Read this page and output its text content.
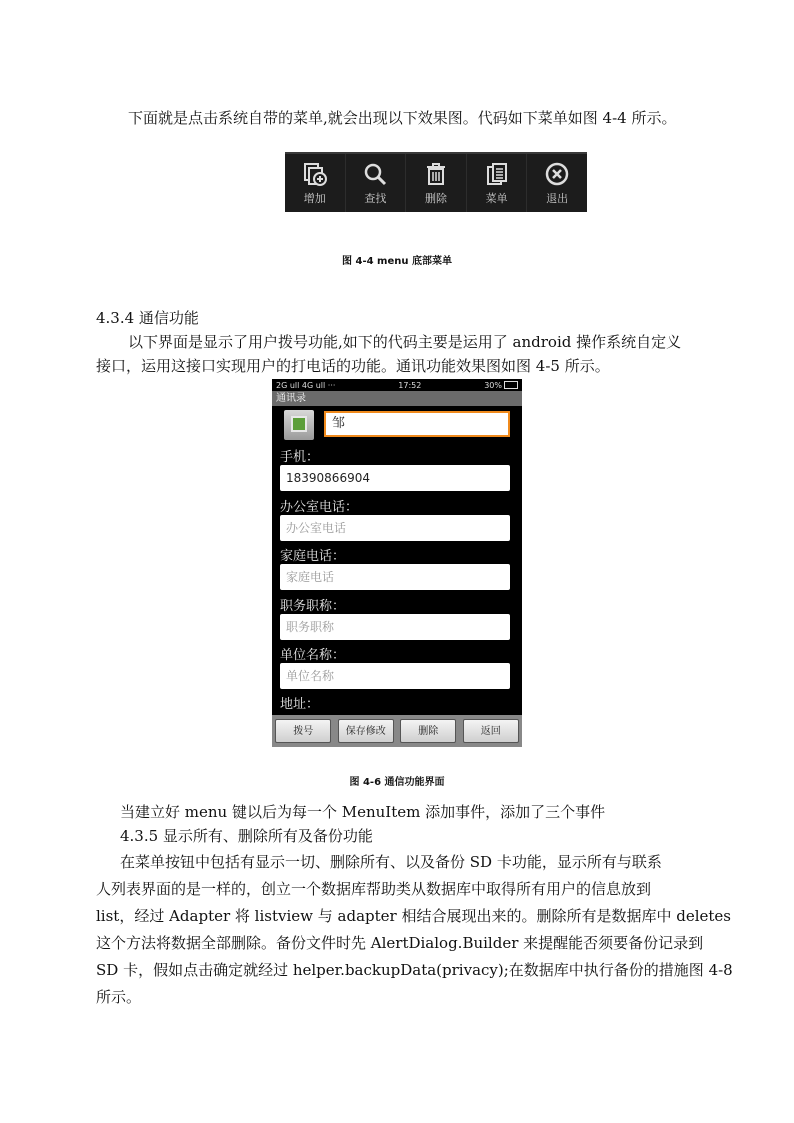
下面就是点击系统自带的菜单,就会出现以下效果图。代码如下菜单如图 4-4 所示。
增加	查找	删除	菜单	退出
图 4-4 menu 底部菜单
4.3.4 通信功能
以下界面是显示了用户拨号功能,如下的代码主要是运用了 android 操作系统自定义
接口，运用这接口实现用户的打电话的功能。通讯功能效果图如图 4-5 所示。
2G ull 4G ull ···	17:52	30%
通讯录
邹
手机：
18390866904
办公室电话：
办公室电话
家庭电话：
家庭电话
职务职称：
职务职称
单位名称：
单位名称
地址：
拨号	保存修改	删除	返回
图 4-6 通信功能界面
当建立好 menu 键以后为每一个 MenuItem 添加事件，添加了三个事件
4.3.5 显示所有、删除所有及备份功能
在菜单按钮中包括有显示一切、删除所有、以及备份 SD 卡功能，显示所有与联系
人列表界面的是一样的，创立一个数据库帮助类从数据库中取得所有用户的信息放到
list，经过 Adapter 将 listview 与 adapter 相结合展现出来的。删除所有是数据库中 deletes
这个方法将数据全部删除。备份文件时先 AlertDialog.Builder 来提醒能否须要备份记录到
SD 卡，假如点击确定就经过 helper.backupData(privacy);在数据库中执行备份的措施图 4-8
所示。
